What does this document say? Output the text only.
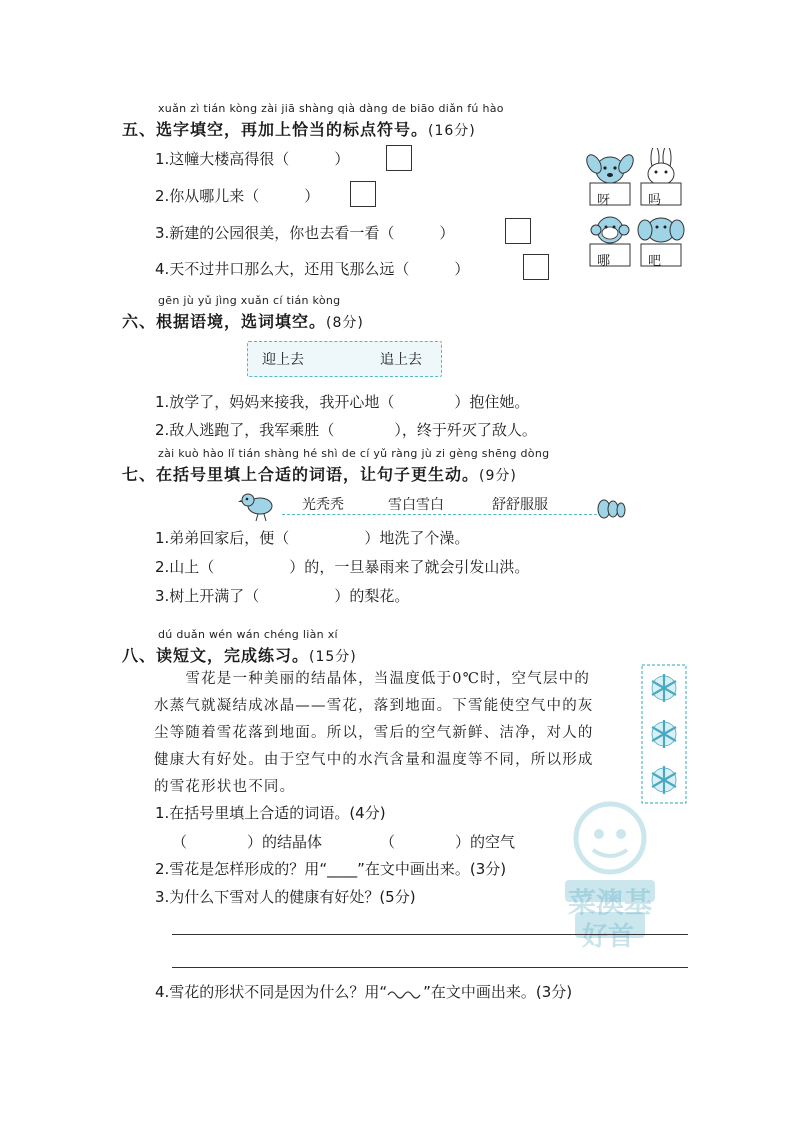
xuǎn zì tián kòng zài jiā shàng qià dàng de biāo diǎn fú hào
五、选字填空，再加上恰当的标点符号。(16分)
1.这幢大楼高得很（　　　）
2.你从哪儿来（　　　）
3.新建的公园很美，你也去看一看（　　　）
4.天不过井口那么大，还用飞那么远（　　　）
呀	吗
哪	吧
gēn jù yǔ jìng xuǎn cí tián kòng
六、根据语境，选词填空。(8分)
迎上去	追上去
1.放学了，妈妈来接我，我开心地（　　　　）抱住她。
2.敌人逃跑了，我军乘胜（　　　　），终于歼灭了敌人。
zài kuò hào lǐ tián shàng hé shì de cí yǔ ràng jù zi gèng shēng dòng
七、在括号里填上合适的词语，让句子更生动。(9分)
光秃秃	雪白雪白	舒舒服服
1.弟弟回家后，便（　　　　　）地洗了个澡。
2.山上（　　　　　）的，一旦暴雨来了就会引发山洪。
3.树上开满了（　　　　　）的梨花。
dú duǎn wén wán chéng liàn xí
八、读短文，完成练习。(15分)
　　雪花是一种美丽的结晶体，当温度低于0℃时，空气层中的
水蒸气就凝结成冰晶——雪花，落到地面。下雪能使空气中的灰
尘等随着雪花落到地面。所以，雪后的空气新鲜、洁净，对人的
健康大有好处。由于空气中的水汽含量和温度等不同，所以形成
的雪花形状也不同。
菜澳基
好首
1.在括号里填上合适的词语。(4分)
（　　　　）的结晶体	（　　　　）的空气
2.雪花是怎样形成的？用“____”在文中画出来。(3分)
3.为什么下雪对人的健康有好处？(5分)
4.雪花的形状不同是因为什么？用“ ”在文中画出来。(3分)
